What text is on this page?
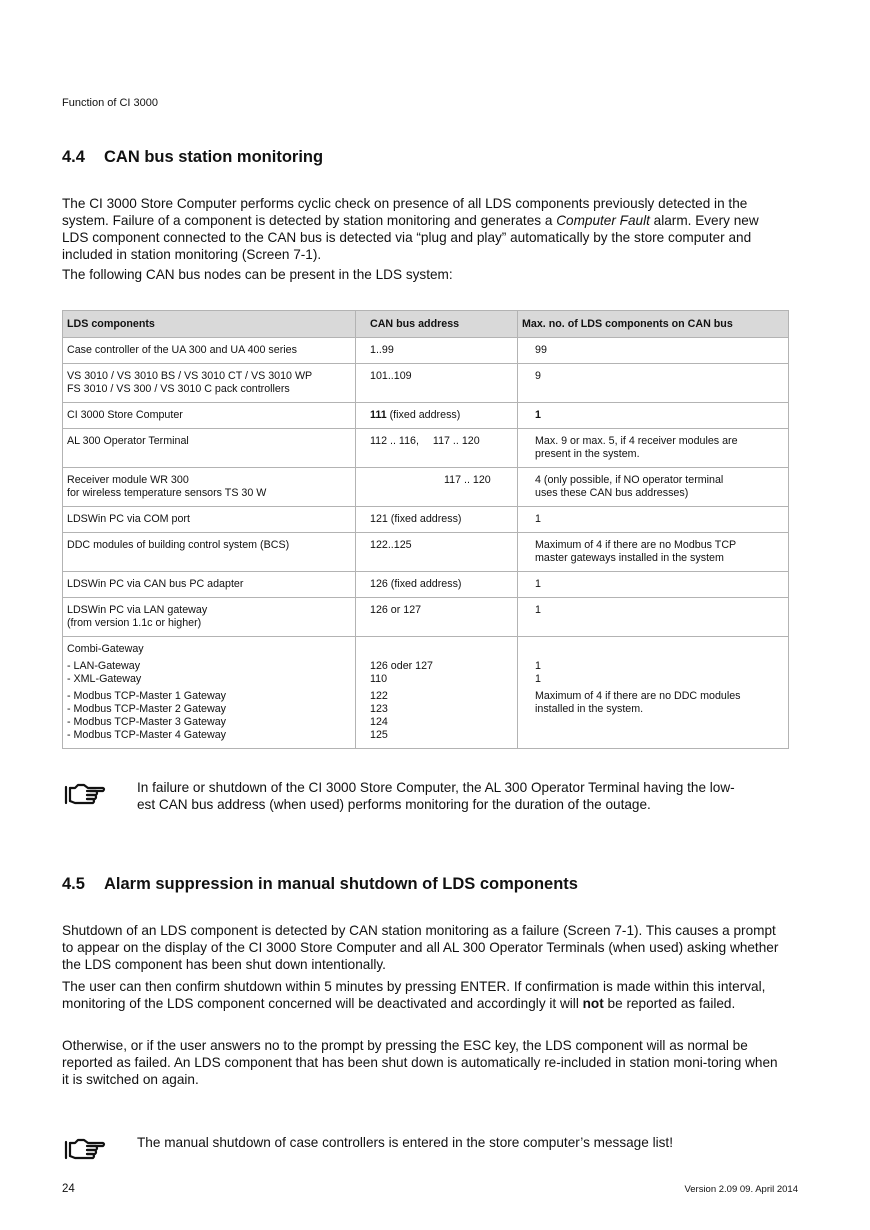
Function of CI 3000
4.4 CAN bus station monitoring
The CI 3000 Store Computer performs cyclic check on presence of all LDS components previously detected in the system. Failure of a component is detected by station monitoring and generates a Computer Fault alarm. Every new LDS component connected to the CAN bus is detected via “plug and play” automatically by the store computer and included in station monitoring (Screen 7-1).
The following CAN bus nodes can be present in the LDS system:
LDS components	CAN bus address	Max. no. of LDS components on CAN bus
Case controller of the UA 300 and UA 400 series	1..99	99

VS 3010 / VS 3010 BS / VS 3010 CT / VS 3010 WP
FS 3010 / VS 300 / VS 3010 C pack controllers
	101..109	9
CI 3000 Store Computer	111 (fixed address)	1
AL 300 Operator Terminal	112 .. 116, 117 .. 120	Max. 9 or max. 5, if 4 receiver modules are
present in the system.

Receiver module WR 300
for wireless temperature sensors TS 30 W

117 .. 120	4 (only possible, if NO operator terminal
uses these CAN bus addresses)

LDSWin PC via COM port	121 (fixed address)	1
DDC modules of building control system (BCS)	122..125	Maximum of 4 if there are no Modbus TCP
master gateways installed in the system

LDSWin PC via CAN bus PC adapter	126 (fixed address)	1

LDSWin PC via LAN gateway
(from version 1.1c or higher)
	126 or 127	1

Combi-Gateway
- LAN-Gateway
- XML-Gateway
- Modbus TCP-Master 1 Gateway
- Modbus TCP-Master 2 Gateway
- Modbus TCP-Master 3 Gateway
- Modbus TCP-Master 4 Gateway

126 oder 127
110
122
123
124
125

1
1
Maximum of 4 if there are no DDC modules
installed in the system.
In failure or shutdown of the CI 3000 Store Computer, the AL 300 Operator Terminal having the low-
est CAN bus address (when used) performs monitoring for the duration of the outage.
4.5 Alarm suppression in manual shutdown of LDS components
Shutdown of an LDS component is detected by CAN station monitoring as a failure (Screen 7-1). This causes a prompt to appear on the display of the CI 3000 Store Computer and all AL 300 Operator Terminals (when used) asking whether the LDS component has been shut down intentionally.
The user can then confirm shutdown within 5 minutes by pressing ENTER. If confirmation is made within this interval, monitoring of the LDS component concerned will be deactivated and accordingly it will not be reported as failed.
Otherwise, or if the user answers no to the prompt by pressing the ESC key, the LDS component will as normal be reported as failed. An LDS component that has been shut down is automatically re-included in station moni-toring when it is switched on again.
The manual shutdown of case controllers is entered in the store computer’s message list!
24	Version 2.09 09. April 2014
